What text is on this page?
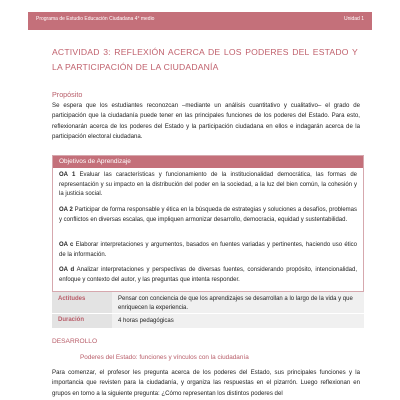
Programa de Estudio Educación Ciudadana 4° medio	Unidad 1
ACTIVIDAD 3: REFLEXIÓN ACERCA DE LOS PODERES DEL ESTADO Y LA PARTICIPACIÓN DE LA CIUDADANÍA
Propósito
Se espera que los estudiantes reconozcan –mediante un análisis cuantitativo y cualitativo– el grado de participación que la ciudadanía puede tener en las principales funciones de los poderes del Estado. Para esto, reflexionarán acerca de los poderes del Estado y la participación ciudadana en ellos e indagarán acerca de la participación electoral ciudadana.
Objetivos de Aprendizaje
OA 1 Evaluar las características y funcionamiento de la institucionalidad democrática, las formas de representación y su impacto en la distribución del poder en la sociedad, a la luz del bien común, la cohesión y la justicia social.
OA 2 Participar de forma responsable y ética en la búsqueda de estrategias y soluciones a desafíos, problemas y conflictos en diversas escalas, que impliquen armonizar desarrollo, democracia, equidad y sustentabilidad.
OA c Elaborar interpretaciones y argumentos, basados en fuentes variadas y pertinentes, haciendo uso ético de la información.
OA d Analizar interpretaciones y perspectivas de diversas fuentes, considerando propósito, intencionalidad, enfoque y contexto del autor, y las preguntas que intenta responder.
Actitudes	Pensar con conciencia de que los aprendizajes se desarrollan a lo largo de la vida y que enriquecen la experiencia.
Duración	4 horas pedagógicas
DESARROLLO
Poderes del Estado: funciones y vínculos con la ciudadanía
Para comenzar, el profesor les pregunta acerca de los poderes del Estado, sus principales funciones y la importancia que revisten para la ciudadanía, y organiza las respuestas en el pizarrón. Luego reflexionan en grupos en torno a la siguiente pregunta: ¿Cómo representan los distintos poderes del
